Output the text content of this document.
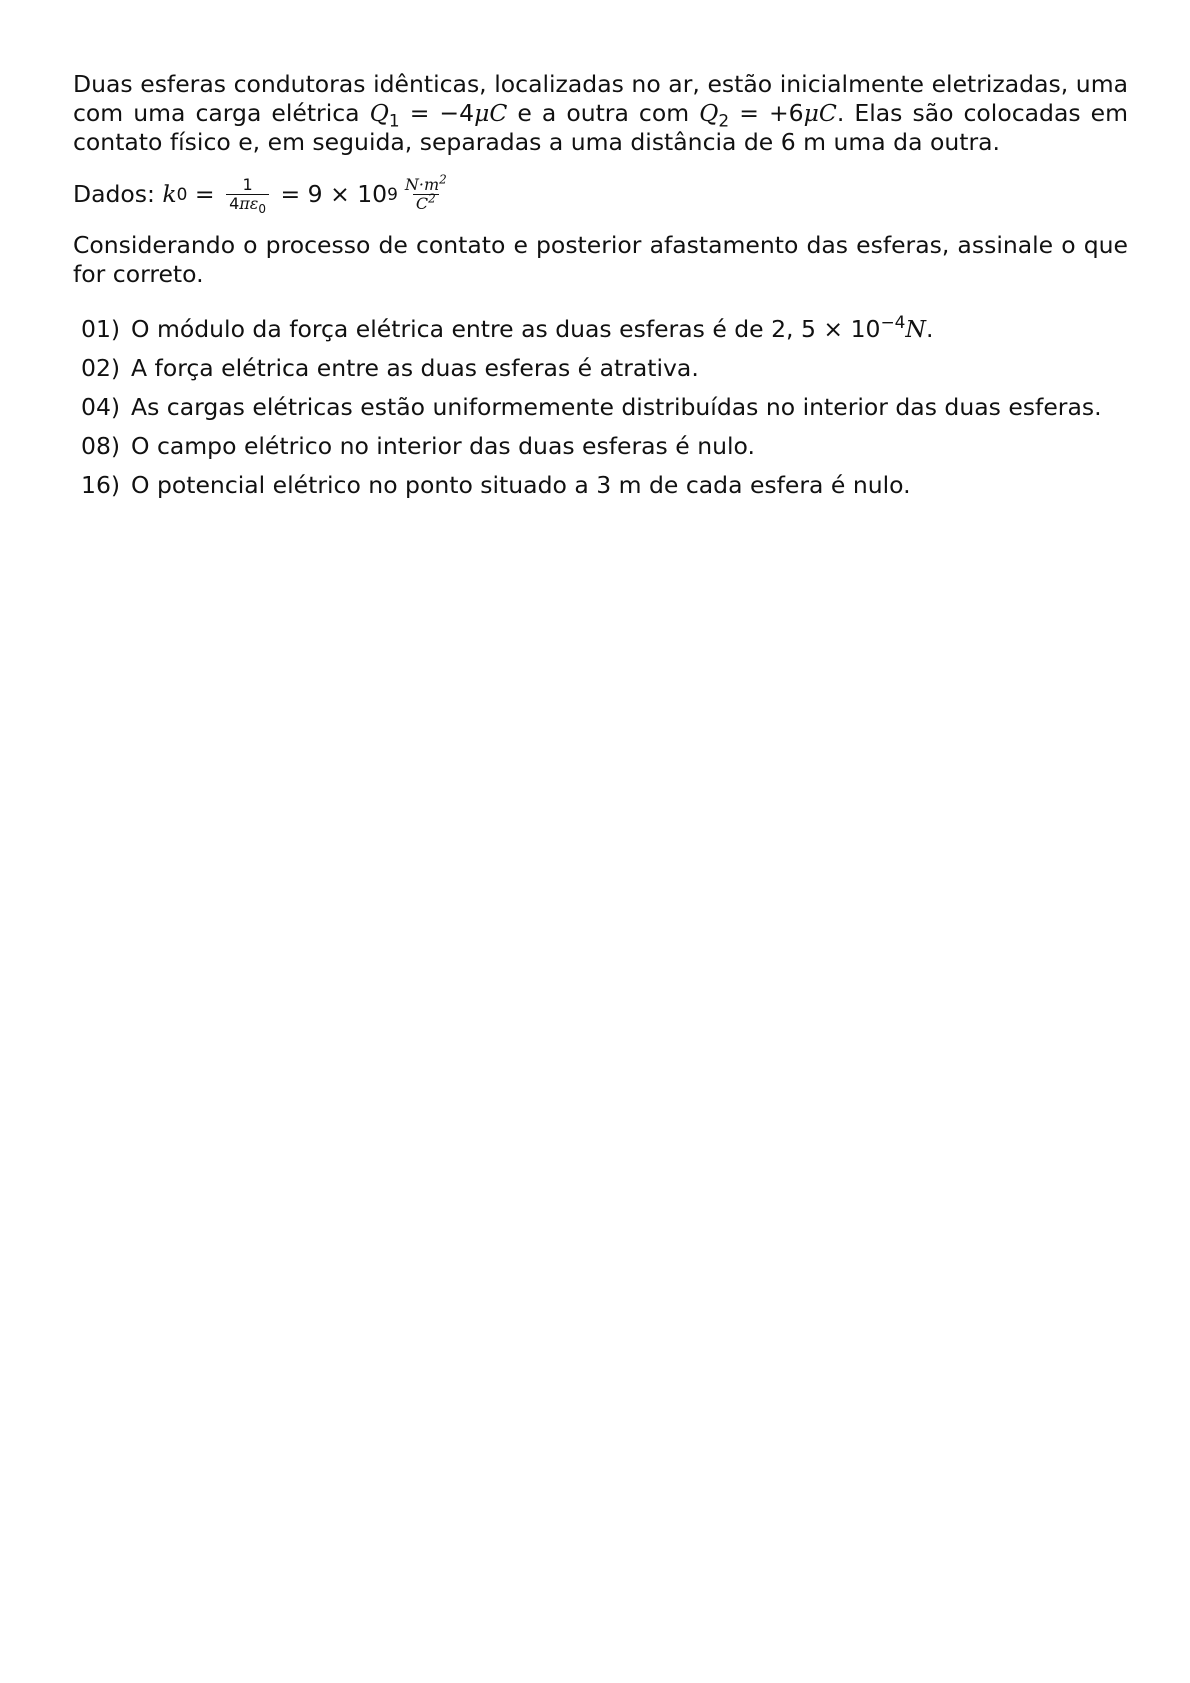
Duas esferas condutoras idênticas, localizadas no ar, estão inicialmente eletrizadas, uma com uma carga elétrica $Q_1 = -4\mu C$ e a outra com $Q_2 = +6\mu C$. Elas são colocadas em contato físico e, em seguida, separadas a uma distância de 6 m uma da outra.

Dados: k $0 = \frac{1}{4\pi\varepsilon_0} = 9 \times 10$ $9 \frac{N\cdot m^2}{C^2}$

Considerando o processo de contato e posterior afastamento das esferas, assinale o que for correto.

01) O módulo da força elétrica entre as duas esferas é de 2, $5 \times 10^{-4}N$.
02) A força elétrica entre as duas esferas é atrativa.
04) As cargas elétricas estão uniformemente distribuídas no interior das duas esferas.
08) O campo elétrico no interior das duas esferas é nulo.
16) O potencial elétrico no ponto situado a 3 m de cada esfera é nulo.
